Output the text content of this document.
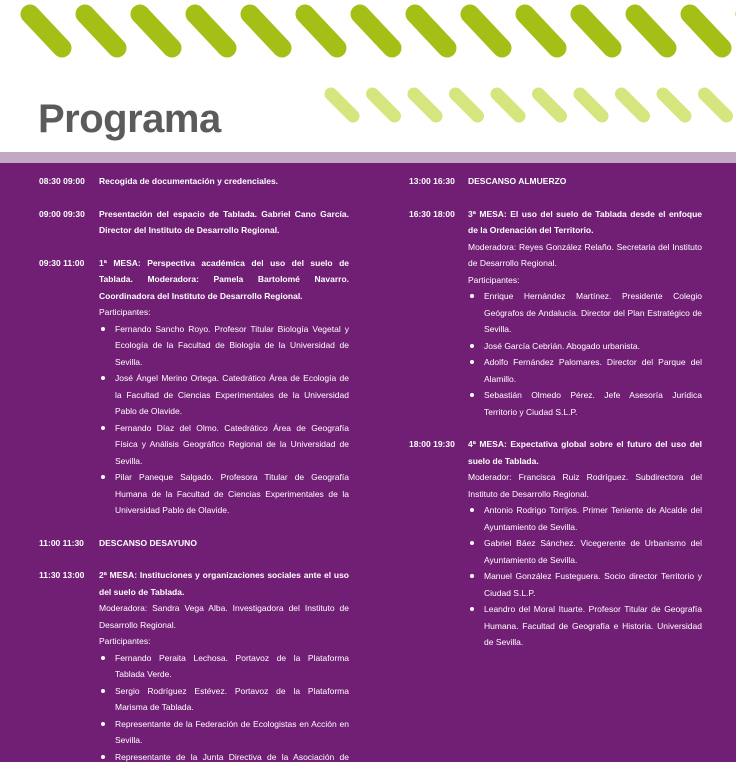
Programa
08:30 09:00 Recogida de documentación y credenciales.
09:00 09:30 Presentación del espacio de Tablada. Gabriel Cano García. Director del Instituto de Desarrollo Regional.
09:30 11:00 1ª MESA: Perspectiva académica del uso del suelo de Tablada. Moderadora: Pamela Bartolomé Navarro. Coordinadora del Instituto de Desarrollo Regional.
Participantes:
Fernando Sancho Royo. Profesor Titular Biología Vegetal y Ecología de la Facultad de Biología de la Universidad de Sevilla.
José Ángel Merino Ortega. Catedrático Área de Ecología de la Facultad de Ciencias Experimentales de la Universidad Pablo de Olavide.
Fernando Díaz del Olmo. Catedrático Área de Geografía Física y Análisis Geográfico Regional de la Universidad de Sevilla.
Pilar Paneque Salgado. Profesora Titular de Geografía Humana de la Facultad de Ciencias Experimentales de la Universidad Pablo de Olavide.
11:00 11:30 DESCANSO DESAYUNO
11:30 13:00 2ª MESA: Instituciones y organizaciones sociales ante el uso del suelo de Tablada.
Moderadora: Sandra Vega Alba. Investigadora del Instituto de Desarrollo Regional.
Participantes:
Fernando Peraita Lechosa. Portavoz de la Plataforma Tablada Verde.
Sergio Rodríguez Estévez. Portavoz de la Plataforma Marisma de Tablada.
Representante de la Federación de Ecologistas en Acción en Sevilla.
Representante de la Junta Directiva de la Asociación de vecinos de Tablada.
13:00 16:30 DESCANSO ALMUERZO
16:30 18:00 3ª MESA: El uso del suelo de Tablada desde el enfoque de la Ordenación del Territorio.
Moderadora: Reyes González Relaño. Secretaria del Instituto de Desarrollo Regional.
Participantes:
Enrique Hernández Martínez. Presidente Colegio Geógrafos de Andalucía. Director del Plan Estratégico de Sevilla.
José García Cebrián. Abogado urbanista.
Adolfo Fernández Palomares. Director del Parque del Alamillo.
Sebastián Olmedo Pérez. Jefe Asesoría Jurídica Territorio y Ciudad S.L.P.
18:00 19:30 4ª MESA: Expectativa global sobre el futuro del uso del suelo de Tablada.
Moderador: Francisca Ruiz Rodríguez. Subdirectora del Instituto de Desarrollo Regional.
Antonio Rodrigo Torrijos. Primer Teniente de Alcalde del Ayuntamiento de Sevilla.
Gabriel Báez Sánchez. Vicegerente de Urbanismo del Ayuntamiento de Sevilla.
Manuel González Fusteguera. Socio director Territorio y Ciudad S.L.P.
Leandro del Moral Ituarte. Profesor Titular de Geografía Humana. Facultad de Geografía e Historia. Universidad de Sevilla.
